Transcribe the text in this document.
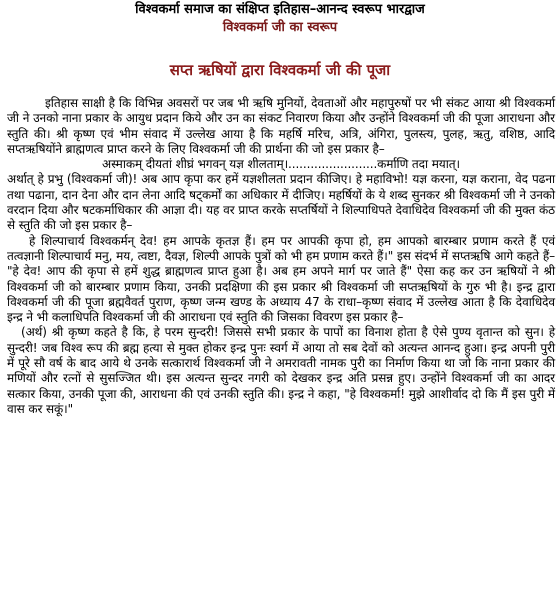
विश्वकर्मा समाज का संक्षिप्त इतिहास–आनन्द स्वरूप भारद्वाज
विश्वकर्मा जी का स्वरूप
सप्त ऋषियों द्वारा विश्वकर्मा जी की पूजा

इतिहास साक्षी है कि विभिन्न अवसरों पर जब भी ऋषि मुनियों, देवताओं और महापुरुषों पर भी संकट आया श्री विश्वकर्मा जी ने उनको नाना प्रकार के आयुध प्रदान किये और उन का संकट निवारण किया और उन्होंने विश्वकर्मा जी की पूजा आराधना और स्तुति की। श्री कृष्ण एवं भीम संवाद में उल्लेख आया है कि महर्षि मरिच, अत्रि, अंगिरा, पुलस्त्य, पुलह, ऋतु, वशिष्ठ, आदि सप्तऋषियोंने ब्राह्मणत्व प्राप्त करने के लिए विश्वकर्मा जी की प्रार्थना की जो इस प्रकार है–

अस्माकम् दीयतां शीघ्रं भगवन् यज्ञ शीलताम्।........................कर्माणि तदा मयात्।

अर्थात् हे प्रभु (विश्वकर्मा जी)! अब आप कृपा कर हमें यज्ञशीलता प्रदान कीजिए। हे महाविभो! यज्ञ करना, यज्ञ कराना, वेद पढना तथा पढाना, दान देना और दान लेना आदि षट्कर्मों का अधिकार में दीजिए। महर्षियों के ये शब्द सुनकर श्री विश्वकर्मा जी ने उनको वरदान दिया और षटकर्माधिकार की आज्ञा दी। यह वर प्राप्त करके सप्तर्षियों ने शिल्पाधिपते देवाधिदेव विश्वकर्मा जी की मुक्त कंठ से स्तुति की जो इस प्रकार है–

हे शिल्पाचार्य विश्वकर्मन् देव! हम आपके कृतज्ञ हैं। हम पर आपकी कृपा हो, हम आपको बारम्बार प्रणाम करते हैं एवं तत्वज्ञानी शिल्पाचार्य मनु, मय, त्वष्टा, दैवज्ञ, शिल्पी आपके पुत्रों को भी हम प्रणाम करते हैं।" इस संदर्भ में सप्तऋषि आगे कहते हैं– "हे देव! आप की कृपा से हमें शुद्ध ब्राह्मणत्व प्राप्त हुआ है। अब हम अपने मार्ग पर जाते हैं" ऐसा कह कर उन ऋषियों ने श्री विश्वकर्मा जी को बारम्बार प्रणाम किया, उनकी प्रदक्षिणा की इस प्रकार श्री विश्वकर्मा जी सप्तऋषियों के गुरु भी है। इन्द्र द्वारा विश्वकर्मा जी की पूजा ब्रह्मवैवर्त पुराण, कृष्ण जन्म खण्ड के अध्याय 47 के राधा–कृष्ण संवाद में उल्लेख आता है कि देवाधिदेव इन्द्र ने भी कलाधिपति विश्वकर्मा जी की आराधना एवं स्तुति की जिसका विवरण इस प्रकार है–

(अर्थ) श्री कृष्ण कहते है कि, हे परम सुन्दरी! जिससे सभी प्रकार के पापों का विनाश होता है ऐसे पुण्य वृतान्त को सुन। हे सुन्दरी! जब विश्व रूप की ब्रह्म हत्या से मुक्त होकर इन्द्र पुनः स्वर्ग में आया तो सब देवों को अत्यन्त आनन्द हुआ। इन्द्र अपनी पुरी में पूरे सौ वर्ष के बाद आये थे उनके सत्कारार्थ विश्वकर्मा जी ने अमरावती नामक पुरी का निर्माण किया था जो कि नाना प्रकार की मणियों और रत्नों से सुसज्जित थी। इस अत्यन्त सुन्दर नगरी को देखकर इन्द्र अति प्रसन्न हुए। उन्होंने विश्वकर्मा जी का आदर सत्कार किया, उनकी पूजा की, आराधना की एवं उनकी स्तुति की। इन्द्र ने कहा, "हे विश्वकर्मा! मुझे आशीर्वाद दो कि मैं इस पुरी में वास कर सकूं।"
